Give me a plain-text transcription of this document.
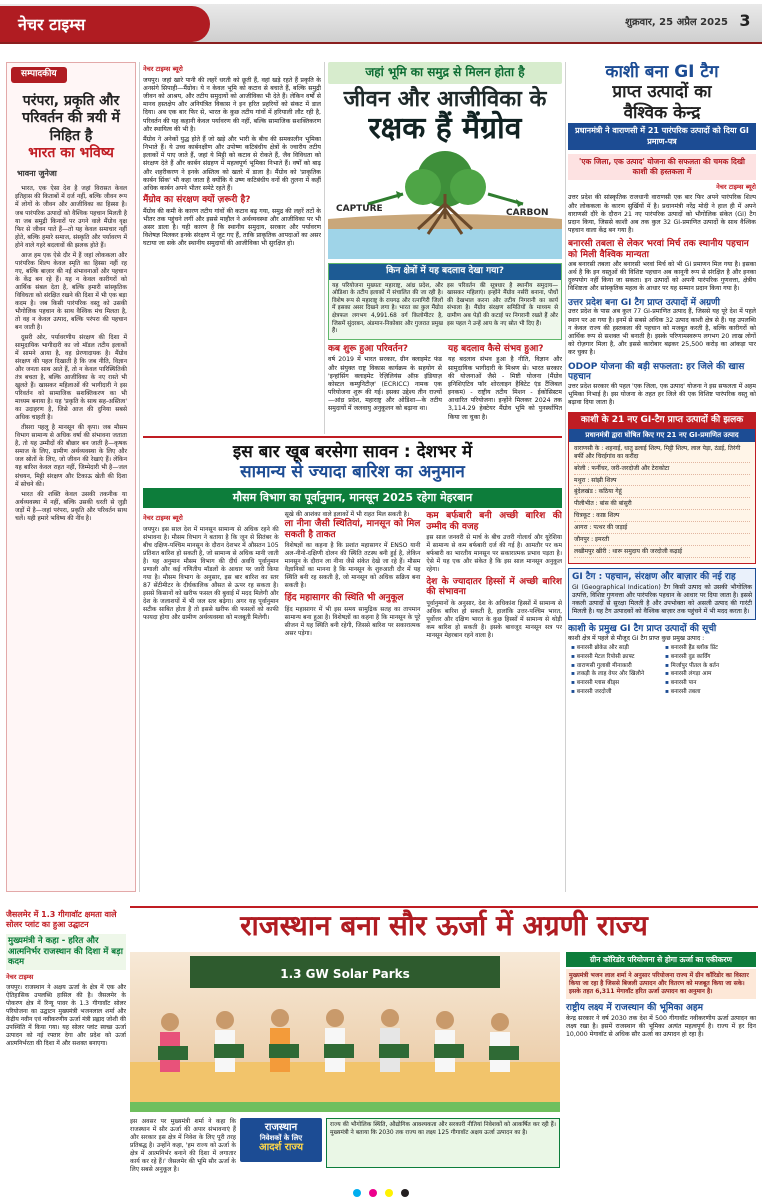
नेचर टाइम्स	शुक्रवार, 25 अप्रैल 2025 3
सम्पादकीय
परंपरा, प्रकृति और परिवर्तन की त्रयी में निहित है
भारत का भविष्य
भावना जुनेजा

भारत, एक ऐसा देश है जहां विरासत केवल इतिहास की किताबों में दर्ज नहीं, बल्कि जीवन रूप में लोगों के जीवन और आजीविका का हिस्सा है। जब पारंपरिक उत्पादों को वैश्विक पहचान मिलती है या जब समुद्री किनारों पर उगने वाले मैंग्रोव वृक्ष फिर से जीवन पाते हैं—तो यह केवल समाचार नहीं होते, बल्कि हमारे समाज, संस्कृति और पर्यावरण में होने वाले गहरे बदलावों की झलक होते हैं।

आज हम एक ऐसे दौर में हैं जहां लोककला और पारंपरिक शिल्प केवल स्मृति का हिस्सा नहीं रह गए, बल्कि बाज़ार की नई संभावनाओं और पहचान के केंद्र बन रहे हैं। यह न केवल कारीगरों को आर्थिक संबल देता है, बल्कि हमारी सांस्कृतिक विविधता को संरक्षित रखने की दिशा में भी एक बड़ा कदम है। जब किसी पारंपरिक वस्तु को उसकी भौगोलिक पहचान के साथ वैश्विक मंच मिलता है, तो वह न केवल उत्पाद, बल्कि परंपरा की पहचान बन जाती है।

दूसरी ओर, पर्यावरणीय संरक्षण की दिशा में सामुदायिक भागीदारी का जो मॉडल तटीय इलाकों में सामने आया है, वह प्रेरणादायक है। मैंग्रोव संरक्षण की पहल दिखाती है कि जब नीति, विज्ञान और जनता साथ आते हैं, तो न केवल पारिस्थितिकी तंत्र बचता है, बल्कि आजीविका के नए रास्ते भी खुलते हैं। खासकर महिलाओं की भागीदारी ने इस परिवर्तन को सामाजिक सशक्तिकरण का भी माध्यम बनाया है। यह 'प्रकृति के साथ सह-अस्तित्व' का उदाहरण है, जिसे आज की दुनिया सबसे अधिक चाहती है।

तीसरा पहलू है मानसून की कृपा। जब मौसम विभाग सामान्य से अधिक वर्षा की संभावना जताता है, तो यह उम्मीदों की बौछार बन जाती है—कृषक समाज के लिए, ग्रामीण अर्थव्यवस्था के लिए और जल स्रोतों के लिए, जो जीवन की रेखाएं हैं। लेकिन यह बारिश केवल राहत नहीं, जिम्मेदारी भी है—जल संचयन, मिट्टी संरक्षण और टिकाऊ खेती की दिशा में सोचने की।

भारत की शक्ति केवल उसकी तकनीक या अर्थव्यवस्था में नहीं, बल्कि उसकी धरती से जुड़ी जड़ों में है—जहां परंपरा, प्रकृति और परिवर्तन साथ चलें। यही हमारे भविष्य की नींव है।

नेचर टाइम्स ब्यूरो

जयपुर। जहां खारे पानी की लहरें धरती को छूती हैं, वहां खड़े रहते हैं प्रकृति के अनसंगे सिपाही—मैंग्रोव। ये न केवल भूमि को कटाव से बचाते हैं, बल्कि समुद्री जीवन को आश्रय, और तटीय समुदायों को आजीविका भी देते हैं। लेकिन वर्षों से मानव हस्तक्षेप और अनियंत्रित विकास ने इन हरित प्रहरियों को संकट में डाल दिया। अब एक बार फिर से, भारत के कुछ तटीय गांवों में हरियाली लौट रही है, परिवर्तन की यह कहानी केवल पर्यावरण की नहीं, बल्कि सामाजिक सशक्तिकरण और स्थायित्व की भी है।

मैंग्रोव ने अनेकों युद्ध होते हैं जो खड़े और भारी के बीच की समकालीन भूमिका निभाते हैं। ये उच्च कार्बनक्षीण और उपोष्ण कटिबंधीय क्षेत्रों के ज्वारीय तटीय इलाकों में पाए जाते हैं, जहां ये मिट्टी को कटाव से रोकते हैं, जैव विविधता को संरक्षण देते हैं और कार्बन संग्रहण में महत्वपूर्ण भूमिका निभाते हैं। वर्षों को बाढ़ और शहरीकरण ने इनके अस्तित्व को खतरे में डाला है। मैंग्रोव को 'प्राकृतिक कार्बन सिंक' भी कहा जाता है क्योंकि ये उष्ण कटिबंधीय वनों की तुलना में कहीं अधिक कार्बन अपने भीतर समेटे रहते हैं।

मैंग्रोव का संरक्षण क्यों ज़रूरी है?

मैंग्रोव की कमी के कारण तटीय गांवों की कटाव बढ़ गया, समुद्र की लहरें तटों के भीतर तक पहुंचने लगीं और इससे माहौल ने अर्थव्यवस्था और आजीविका पर भी असर डाला है। यही कारण है कि स्थानीय समुदाय, सरकार और पर्यावरण विशेषज्ञ मिलकर इनके संरक्षण में जुट गए हैं, ताकि प्राकृतिक आपदाओं का असर घटाया जा सके और स्थानीय समुदायों की आजीविका भी सुरक्षित हो।

जहां भूमि का समुद्र से मिलन होता है
जीवन और आजीविका के
रक्षक हैं मैंग्रोव
CAPTURE	CARBON
किन क्षेत्रों में यह बदलाव देखा गया?
यह परियोजना मुख्यतः महाराष्ट्र, आंध्र प्रदेश, और ओडिशा के तटीय इलाकों में संचालित की जा रही है। विशेष रूप से महाराष्ट्र के रायगढ़ और रत्नागिरी जिलों में इसका असर दिखने लगा है। भारत का कुल मैंग्रोव क्षेत्रफल लगभग 4,991.68 वर्ग किलोमीटर है, जिसमें सुंदरबन, अंडमान-निकोबार और गुजरात प्रमुख हैं।
इस परिवर्तन की सूत्रधार है स्थानीय समुदाय—खासकर महिलाएं। इन्होंने मैंग्रोव नर्सरी बनाना, पौधों की देखभाल करना और तटीय निगरानी का कार्य संभाला है। मैंग्रोव संरक्षण समितियों के माध्यम से ग्रामीण अब पेड़ों की कटाई पर निगरानी रखते हैं और इस पहल ने उन्हें आय के नए स्रोत भी दिए हैं।
कब शुरू हुआ परिवर्तन?
वर्ष 2019 में भारत सरकार, ग्रीन क्लाइमेट फंड और संयुक्त राष्ट्र विकास कार्यक्रम के सहयोग से 'इन्हांसिंग क्लाइमेट रेज़िलियंस ऑफ़ इंडियाज़ कोस्टल कम्युनिटीज़' (ECRICC) नामक एक परियोजना शुरू की गई। इसका उद्देश्य तीन राज्यों—आंध्र प्रदेश, महाराष्ट्र और ओडिशा—के तटीय समुदायों में जलवायु अनुकूलन को बढ़ाना था।
यह बदलाव कैसे संभव हुआ?
यह बदलाव संभव हुआ है नीति, विज्ञान और सामुदायिक भागीदारी के मिश्रण से। भारत सरकार की योजनाओं जैसे - मिष्टी योजना (मैंग्रोव इनिशिएटिव फॉर शोरलाइन हैबिटेट एंड टैंजिबल इनकम) - राष्ट्रीय तटीय मिशन - ईकोसिस्टम आधारित परियोजना। इन्होंने मिलकर 2024 तक 3,114.29 हेक्टेयर मैंग्रोव भूमि को पुनर्स्थापित किया जा चुका है।
काशी बना GI टैग
प्राप्त उत्पादों का
वैश्विक केन्द्र
प्रधानमंत्री ने वाराणसी में 21 पारंपरिक उत्पादों को दिया GI प्रमाण-पत्र
'एक जिला, एक उत्पाद' योजना की सफलता की चमक दिखी काशी की हस्तकला में
नेचर टाइम्स ब्यूरो
उत्तर प्रदेश की सांस्कृतिक राजधानी वाराणसी एक बार फिर अपने पारंपरिक शिल्प और लोककला के कारण सुर्खियों में है। प्रधानमंत्री नरेंद्र मोदी ने हाल ही में अपने वाराणसी दौरे के दौरान 21 नए पारंपरिक उत्पादों को भौगोलिक संकेत (GI) टैग प्रदान किया, जिससे काशी अब तक कुल 32 GI-प्रमाणित उत्पादों के साथ वैश्विक पहचान वाला केंद्र बन गया है।
बनारसी तबला से लेकर भरवां मिर्च तक स्थानीय पहचान को मिली वैश्विक मान्यता
अब बनारसी तबला और बनारसी भरवां मिर्च को भी GI प्रमाणन मिल गया है। इसका अर्थ है कि इन वस्तुओं की विशिष्ट पहचान अब कानूनी रूप से संरक्षित है और इनका दुरुपयोग नहीं किया जा सकता। इन उत्पादों को अपनी पारंपरिक गुणवत्ता, क्षेत्रीय विशिष्टता और सांस्कृतिक महत्व के आधार पर यह सम्मान प्रदान किया गया है।
उत्तर प्रदेश बना GI टैग प्राप्त उत्पादों में अग्रणी
उत्तर प्रदेश के पास अब कुल 77 GI-प्रमाणित उत्पाद हैं, जिससे यह पूरे देश में पहले स्थान पर आ गया है। इनमें से सबसे अधिक 32 उत्पाद काशी क्षेत्र से हैं। यह उपलब्धि न केवल राज्य की हस्तकला की पहचान को मजबूत करती है, बल्कि कारीगरों को आर्थिक रूप से सशक्त भी बनाती है। इसके परिणामस्वरूप लगभग 20 लाख लोगों को रोज़गार मिला है, और इससे कारोबार बढ़कर 25,500 करोड़ का आंकड़ा पार कर चुका है।
ODOP योजना की बड़ी सफलता: हर जिले की खास पहचान
उत्तर प्रदेश सरकार की पहल 'एक जिला, एक उत्पाद' योजना ने इस सफलता में अहम भूमिका निभाई है। इस योजना के तहत हर जिले की एक विशिष्ट पारंपरिक वस्तु को बढ़ावा दिया जाता है।
काशी के 21 नए GI-टैग प्राप्त उत्पादों की झलक
प्रधानमंत्री द्वारा घोषित किए गए 21 नए GI-प्रमाणित उत्पाद
वाराणसी के : शहनाई, धातु ढलाई शिल्प, मिट्टी शिल्प, लाल पेड़ा, ठंडई, तिरंगी बर्फी और चिरईगांव का करौंदा
बरेली : फर्नीचर, जरी-जरदोजी और टेराकोटा
मथुरा : सांझी शिल्प
बुंदेलखंड : कठिया गेहूं
पीलीभीत : बांस की बांसुरी
चित्रकूट : काष्ठ शिल्प
आगरा : पत्थर की जड़ाई
जौनपुर : इमरती
लखीमपुर खीरी : थारू समुदाय की जरदोजी कढ़ाई
GI टैग : पहचान, संरक्षण और बाज़ार की नई राह
GI (Geographical Indication) टैग किसी उत्पाद को उसकी भौगोलिक उत्पत्ति, विशिष्ट गुणवत्ता और पारंपरिक पहचान के आधार पर दिया जाता है। इससे नकली उत्पादों से सुरक्षा मिलती है और उपभोक्ता को असली उत्पाद की गारंटी मिलती है। यह टैग उत्पादकों को वैश्विक बाज़ार तक पहुंचने में भी मदद करता है।
काशी के प्रमुख GI टैग प्राप्त उत्पादों की सूची
काशी क्षेत्र में पहले से मौजूद GI टैग प्राप्त कुछ प्रमुख उत्पाद :
▪ बनारसी ब्रोकेड और साड़ी
▪ बनारसी मेटल रिपोसी क्राफ्ट
▪ वाराणसी गुलाबी मीनाकारी
▪ लकड़ी के लाह वेयर और खिलौने
▪ बनारसी ग्लास बीड्स
▪ बनारसी जरदोजी
▪ बनारसी हैंड ब्लॉक प्रिंट
▪ बनारसी वुड कार्विंग
▪ मिर्जापुर पीतल के बर्तन
▪ बनारसी लंगड़ा आम
▪ बनारसी पान
▪ बनारसी तबला
इस बार खूब बरसेगा सावन : देशभर में
सामान्य से ज्यादा बारिश का अनुमान
मौसम विभाग का पूर्वानुमान, मानसून 2025 रहेगा मेहरबान
नेचर टाइम्स ब्यूरो
जयपुर। इस साल देश में मानसून सामान्य से अधिक रहने की संभावना है। मौसम विभाग ने बताया है कि जून से सितंबर के बीच दक्षिण-पश्चिम मानसून के दौरान देशभर में औसतन 105 प्रतिशत बारिश हो सकती है, जो सामान्य से अधिक मानी जाती है। यह अनुमान मौसम विभाग की दीर्घ अवधि पूर्वानुमान प्रणाली और कई गणितीय मॉडलों के आधार पर जारी किया गया है। मौसम विभाग के अनुसार, इस बार बारिश का स्तर 87 सेंटीमीटर के दीर्घकालिक औसत से ऊपर रह सकता है। इससे किसानों को खरीफ फसल की बुवाई में मदद मिलेगी और देश के जलाशयों में भी जल स्तर बढ़ेगा। अगर यह पूर्वानुमान सटीक साबित होता है तो इससे खरीफ की फसलों को काफी फायदा होगा और ग्रामीण अर्थव्यवस्था को मजबूती मिलेगी।
सूखे की आशंका वाले इलाकों में भी राहत मिल सकती है।
ला नीना जैसी स्थितियां, मानसून को मिल सकती है ताकत
विशेषज्ञों का कहना है कि प्रशांत महासागर में ENSO यानी अल-नीनो-दक्षिणी दोलन की स्थिति तटस्थ बनी हुई है, लेकिन मानसून के दौरान ला नीना जैसे संकेत देखे जा रहे हैं। मौसम वैज्ञानिकों का मानना है कि मानसून के शुरुआती दौर में यह स्थिति बनी रह सकती है, जो मानसून को अधिक सक्रिय बना सकती है।
हिंद महासागर की स्थिति भी अनुकूल
हिंद महासागर में भी इस समय सामुद्रिक सतह का तापमान सामान्य बना हुआ है। विशेषज्ञों का कहना है कि मानसून के पूरे सीजन में यह स्थिति बनी रहेगी, जिससे बारिश पर सकारात्मक असर पड़ेगा।
कम बर्फबारी बनी अच्छी बारिश की उम्मीद की वजह
इस साल जनवरी से मार्च के बीच उत्तरी गोलार्ध और यूरेशिया में सामान्य से कम बर्फबारी दर्ज की गई है। आमतौर पर कम बर्फबारी का भारतीय मानसून पर सकारात्मक प्रभाव पड़ता है। ऐसे में यह एक और संकेत है कि इस साल मानसून अनुकूल रहेगा।
देश के ज्यादातर हिस्सों में अच्छी बारिश की संभावना
पूर्वानुमानों के अनुसार, देश के अधिकांश हिस्सों में सामान्य से अधिक बारिश हो सकती है, हालांकि उत्तर-पश्चिम भारत, पूर्वोत्तर और दक्षिण भारत के कुछ हिस्सों में सामान्य से थोड़ी कम बारिश हो सकती है। इसके बावजूद मानसून सत्र पर मानसून मेहरबान रहने वाला है।
जैसलमेर में 1.3 गीगावॉट क्षमता वाले सोलर प्लांट का हुआ उद्घाटन
मुख्यमंत्री ने कहा - हरित और आत्मनिर्भर राजस्थान की दिशा में बड़ा कदम
नेचर टाइम्स
जयपुर। राजस्थान ने अक्षय ऊर्जा के क्षेत्र में एक और ऐतिहासिक उपलब्धि हासिल की है। जैसलमेर के पोकरण क्षेत्र में रिन्यू पावर के 1.3 गीगावॉट सोलर परियोजना का उद्घाटन मुख्यमंत्री भजनलाल शर्मा और केंद्रीय नवीन एवं नवीकरणीय ऊर्जा मंत्री प्रह्लाद जोशी की उपस्थिति में किया गया। यह सोलर प्लांट स्वच्छ ऊर्जा उत्पादन को नई रफ्तार देगा और प्रदेश को ऊर्जा आत्मनिर्भरता की दिशा में और सशक्त बनाएगा।
राजस्थान बना सौर ऊर्जा में अग्रणी राज्य
1.3 GW Solar Parks
ग्रीन कॉरिडोर परियोजना से होगा ऊर्जा का एकीकरण
मुख्यमंत्री भजन लाल शर्मा ने अनुसार परियोजना राज्य में ग्रीन कॉरिडोर का विस्तार किया जा रहा है जिससे बिजली उत्पादन और वितरण को मजबूत किया जा सके। इसके तहत 6,311 मेगावॉट हरित ऊर्जा उत्पादन का अनुमान है।
राष्ट्रीय लक्ष्य में राजस्थान की भूमिका अहम
केन्द्र सरकार ने वर्ष 2030 तक देश में 500 गीगावॉट नवीकरणीय ऊर्जा उत्पादन का लक्ष्य रखा है। इसमें राजस्थान की भूमिका अत्यंत महत्वपूर्ण है। राज्य में हर दिन 10,000 मेगावॉट से अधिक सौर ऊर्जा का उत्पादन हो रहा है।
इस अवसर पर मुख्यमंत्री शर्मा ने कहा कि राजस्थान में सौर ऊर्जा की अपार संभावनाएं हैं और सरकार इस क्षेत्र में निवेश के लिए पूरी तरह प्रतिबद्ध है। उन्होंने कहा, 'हम राज्य को ऊर्जा के क्षेत्र में आत्मनिर्भर बनाने की दिशा में लगातार कार्य कर रहे हैं।' जैसलमेर की भूमि सौर ऊर्जा के लिए सबसे अनुकूल है।
राजस्थान
निवेशकों के लिए
आदर्श राज्य
राज्य की भौगोलिक स्थिति, औद्योगिक आवश्यकता और सरकारी नीतियां निवेशकों को आकर्षित कर रही हैं। मुख्यमंत्री ने बताया कि 2030 तक राज्य का लक्ष्य 125 गीगावॉट अक्षय ऊर्जा उत्पादन का है।
